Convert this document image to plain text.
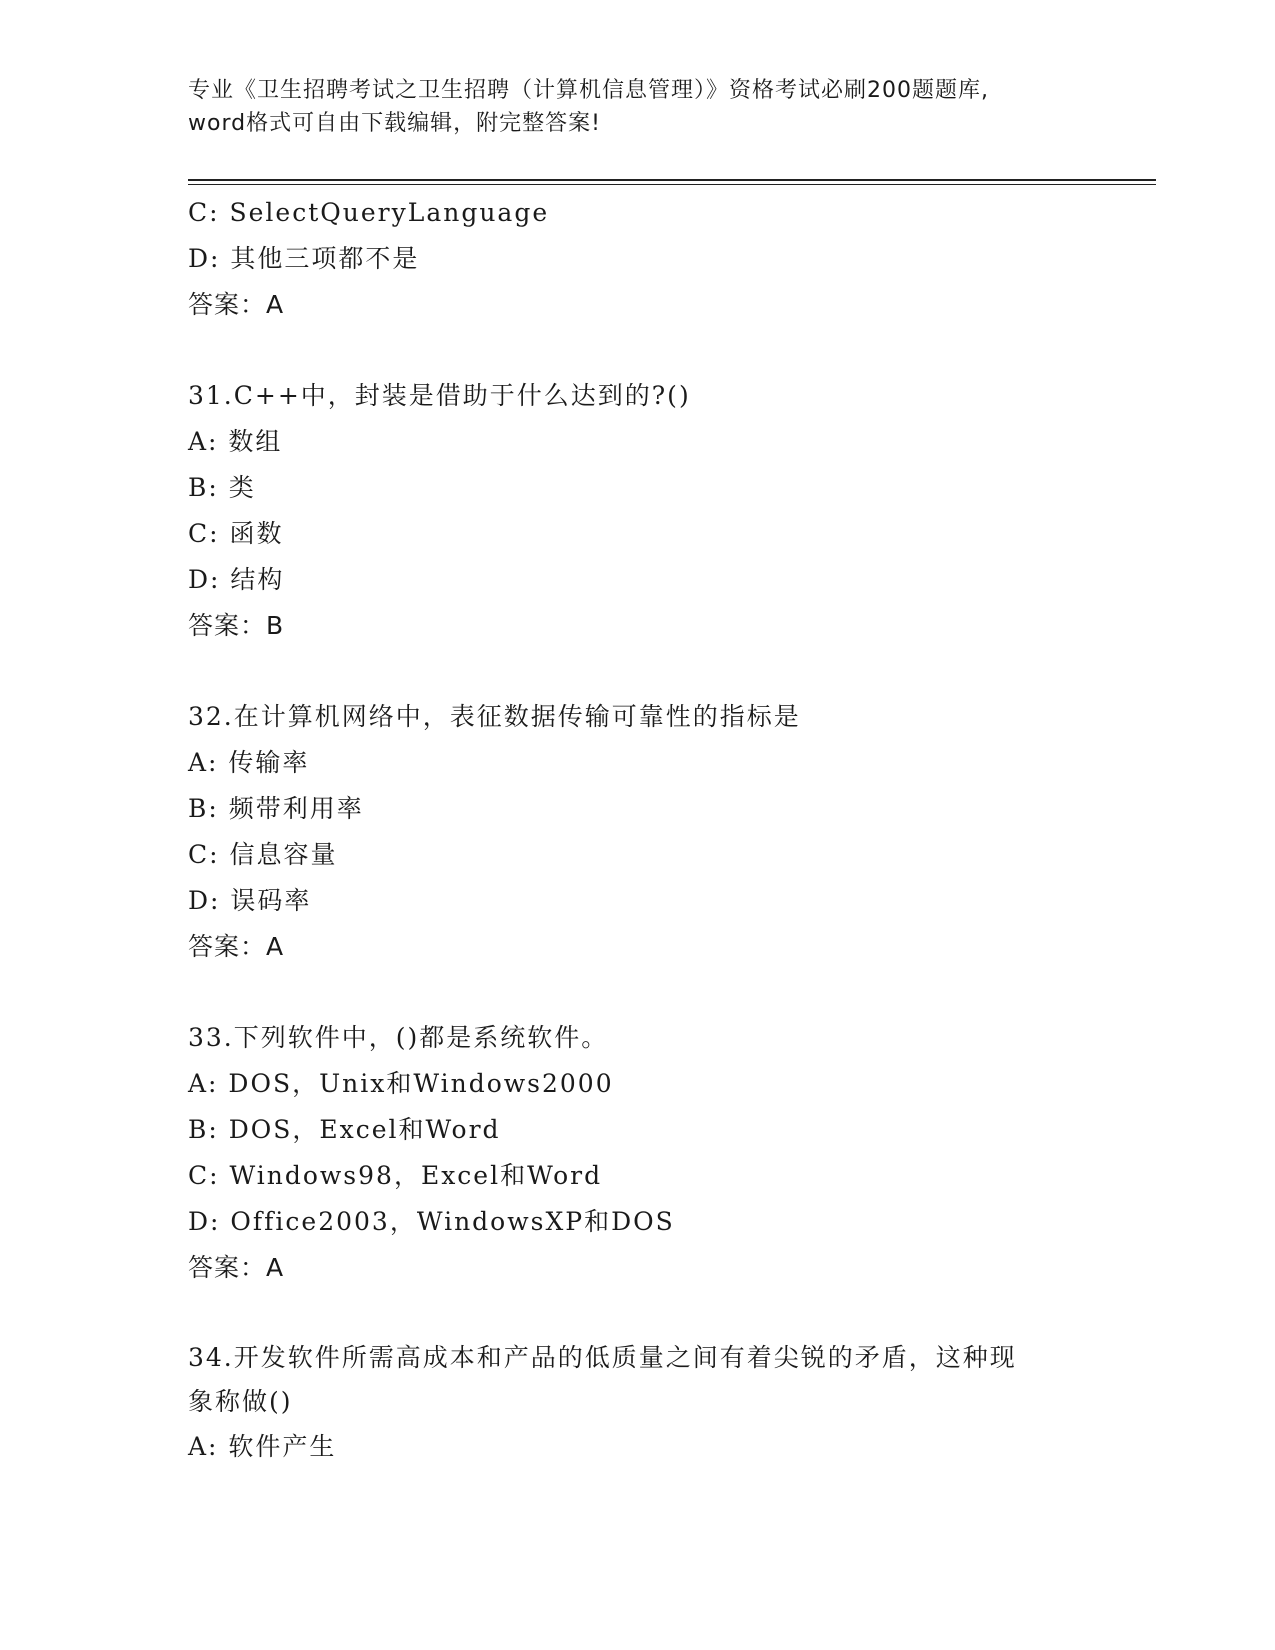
专业《卫生招聘考试之卫生招聘（计算机信息管理）》资格考试必刷200题题库,
word格式可自由下载编辑，附完整答案!
C: SelectQueryLanguage
D: 其他三项都不是
答案：A
31.C++中，封装是借助于什么达到的?()
A: 数组
B: 类
C: 函数
D: 结构
答案：B
32.在计算机网络中，表征数据传输可靠性的指标是
A: 传输率
B: 频带利用率
C: 信息容量
D: 误码率
答案：A
33.下列软件中，()都是系统软件。
A: DOS，Unix和Windows2000
B: DOS，Excel和Word
C: Windows98，Excel和Word
D: Office2003，WindowsXP和DOS
答案：A
34.开发软件所需高成本和产品的低质量之间有着尖锐的矛盾，这种现
象称做()
A: 软件产生
